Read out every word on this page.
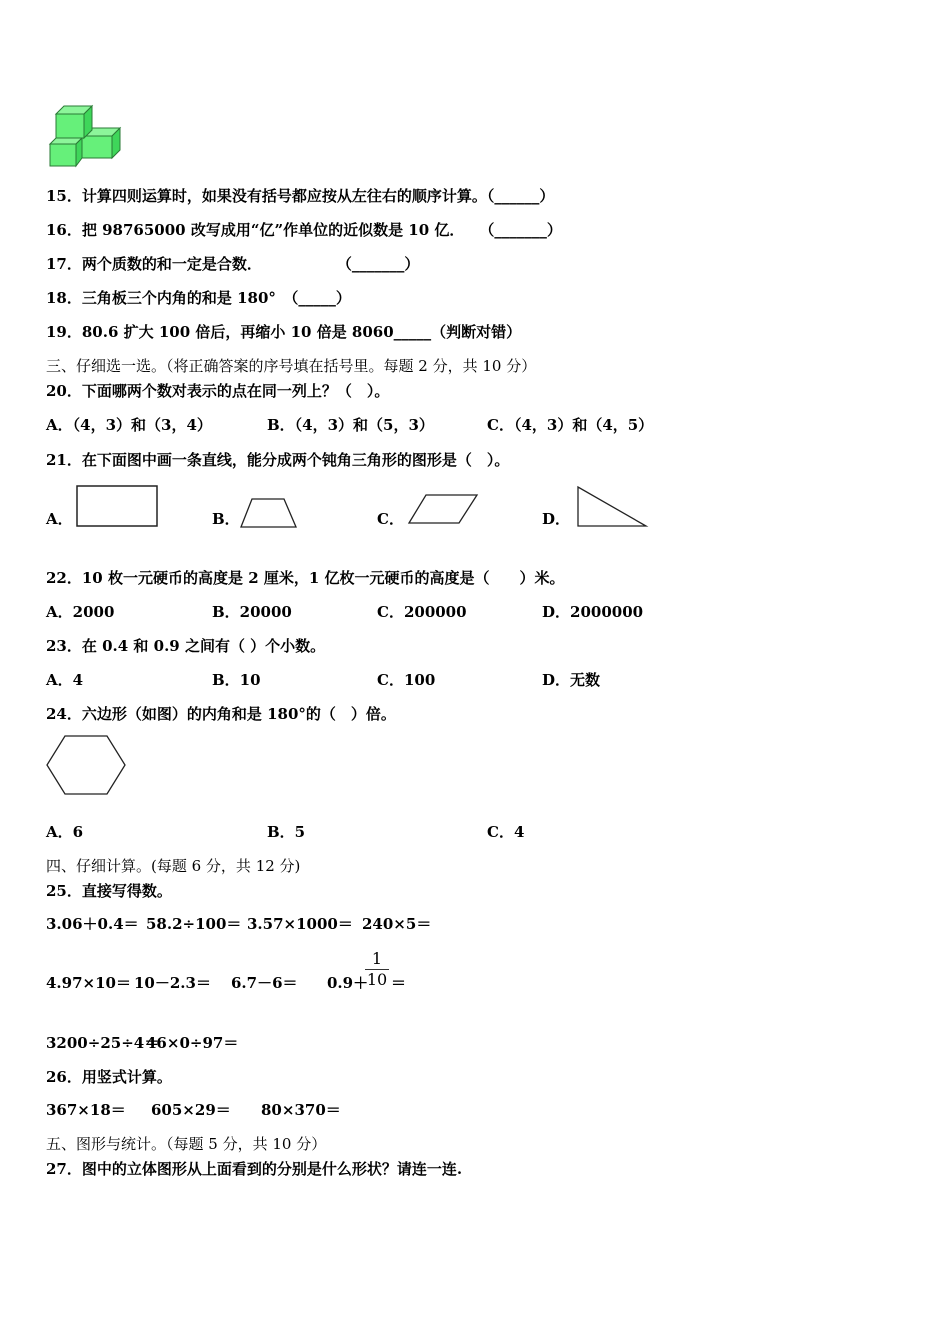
15．计算四则运算时，如果没有括号都应按从左往右的顺序计算。（______）
16．把 98765000 改写成用“亿”作单位的近似数是 10 亿．　　（_______）
17．两个质数的和一定是合数．　　　　　　（_______）
18．三角板三个内角的和是 180°　（_____）
19．80.6 扩大 100 倍后，再缩小 10 倍是 8060_____（判断对错）
三、仔细选一选。（将正确答案的序号填在括号里。每题 2 分，共 10 分）
20．下面哪两个数对表示的点在同一列上？（　）。
A．（4，3）和（3，4）	B．（4，3）和（5，3）	C．（4，3）和（4，5）
21．在下面图中画一条直线，能分成两个钝角三角形的图形是（　）。
A．	B．	C．	D．
22．10 枚一元硬币的高度是 2 厘米，1 亿枚一元硬币的高度是（　　）米。
A．2000	B．20000	C．200000	D．2000000
23．在 0.4 和 0.9 之间有（ ）个小数。
A．4	B．10	C．100	D．无数
24．六边形（如图）的内角和是 180°的（　）倍。
A．6	B．5	C．4
四、仔细计算。(每题 6 分，共 12 分)
25．直接写得数。
3.06＋0.4＝ 58.2÷100＝ 3.57×1000＝ 240×5＝
4.97×10＝ 10－2.3＝ 6.7－6＝ 0.9＋
$\frac{1}{10}$ ＝
3200÷25÷4＝
46×0÷97＝
26．用竖式计算。
367×18＝ 605×29＝ 80×370＝
五、图形与统计。（每题 5 分，共 10 分）
27．图中的立体图形从上面看到的分别是什么形状？请连一连.
